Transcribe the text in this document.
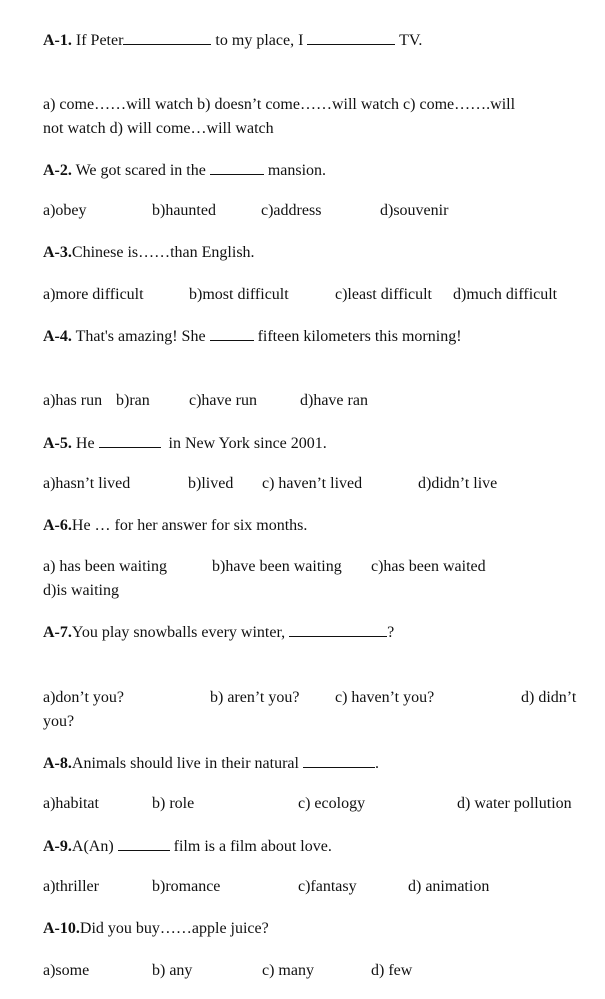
A-1. If Peter	to my place, I	TV.
a) come……will watch b) doesn’t come……will watch c) come…….will
not watch d) will come…will watch
A-2. We got scared in the	mansion.
a)obey	b)haunted	c)address	d)souvenir
A-3.Chinese is……than English.
a)more difficult	b)most difficult	c)least difficult d)much difficult
A-4. That's amazing! She	fifteen kilometers this morning!
a)has run b)ran c)have run	d)have ran
A-5. He	in New York since 2001.
a)hasn’t lived	b)lived c) haven’t lived	d)didn’t live
A-6.He … for her answer for six months.
a) has been waiting	b)have been waiting c)has been waited
d)is waiting
A-7.You play snowballs every winter,	?
a)don’t you?	b) aren’t you? c) haven’t you?	d) didn’t
you?
A-8.Animals should live in their natural	.
a)habitat	b) role	c) ecology	d) water pollution
A-9.A(An)	film is a film about love.
a)thriller	b)romance	c)fantasy	d) animation
A-10.Did you buy……apple juice?
a)some	b) any	c) many	d) few
